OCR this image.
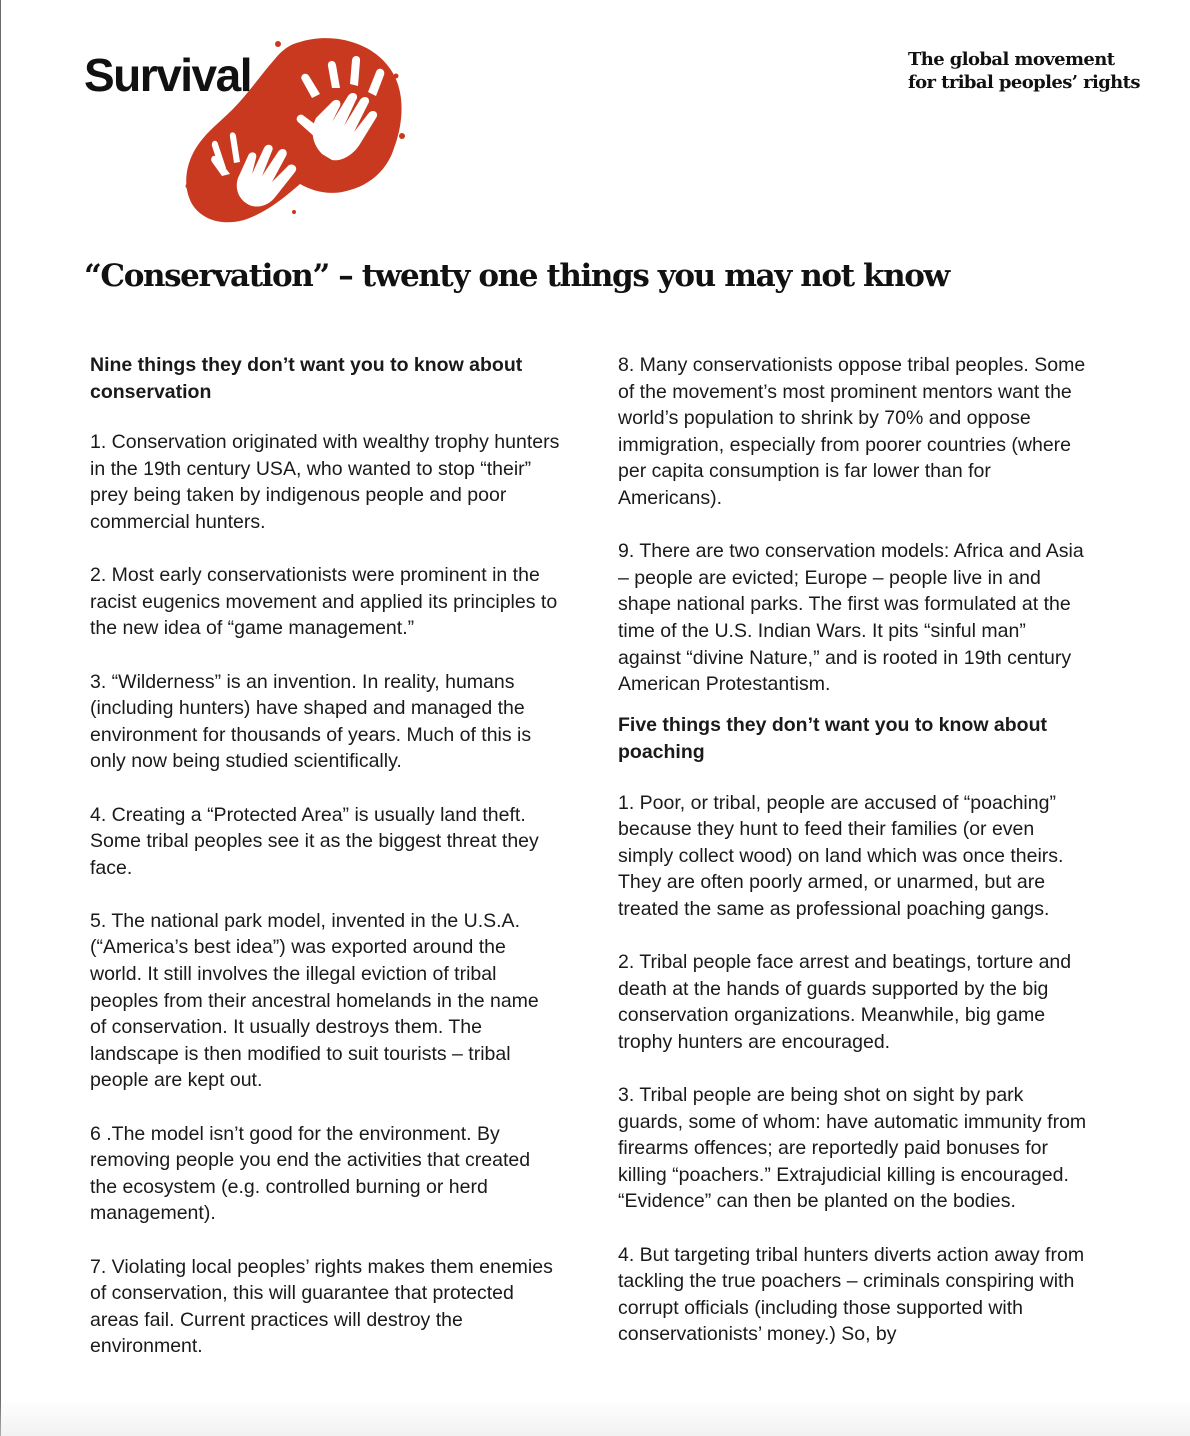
Survival	The global movement
for tribal peoples’ rights
“Conservation” – twenty one things you may not know

Nine things they don’t want you to know about conservation

1. Conservation originated with wealthy trophy hunters in the 19th century USA, who wanted to stop “their” prey being taken by indigenous people and poor commercial hunters.

2. Most early conservationists were prominent in the racist eugenics movement and applied its principles to the new idea of “game management.”

3. “Wilderness” is an invention. In reality, humans (including hunters) have shaped and managed the environment for thousands of years. Much of this is only now being studied scientifically.

4. Creating a “Protected Area” is usually land theft. Some tribal peoples see it as the biggest threat they face.

5. The national park model, invented in the U.S.A. (“America’s best idea”) was exported around the world. It still involves the illegal eviction of tribal peoples from their ancestral homelands in the name of conservation. It usually destroys them. The landscape is then modified to suit tourists – tribal people are kept out.

6 .The model isn’t good for the environment. By removing people you end the activities that created the ecosystem (e.g. controlled burning or herd management).

7. Violating local peoples’ rights makes them enemies of conservation, this will guarantee that protected areas fail. Current practices will destroy the environment.

8. Many conservationists oppose tribal peoples. Some of the movement’s most prominent mentors want the world’s population to shrink by 70% and oppose immigration, especially from poorer countries (where per capita consumption is far lower than for Americans).

9. There are two conservation models: Africa and Asia – people are evicted; Europe – people live in and shape national parks. The first was formulated at the time of the U.S. Indian Wars. It pits “sinful man” against “divine Nature,” and is rooted in 19th century American Protestantism.

Five things they don’t want you to know about poaching

1. Poor, or tribal, people are accused of “poaching” because they hunt to feed their families (or even simply collect wood) on land which was once theirs. They are often poorly armed, or unarmed, but are treated the same as professional poaching gangs.

2. Tribal people face arrest and beatings, torture and death at the hands of guards supported by the big conservation organizations. Meanwhile, big game trophy hunters are encouraged.

3. Tribal people are being shot on sight by park guards, some of whom: have automatic immunity from firearms offences; are reportedly paid bonuses for killing “poachers.” Extrajudicial killing is encouraged. “Evidence” can then be planted on the bodies.

4. But targeting tribal hunters diverts action away from tackling the true poachers – criminals conspiring with corrupt officials (including those supported with conservationists’ money.) So, by
